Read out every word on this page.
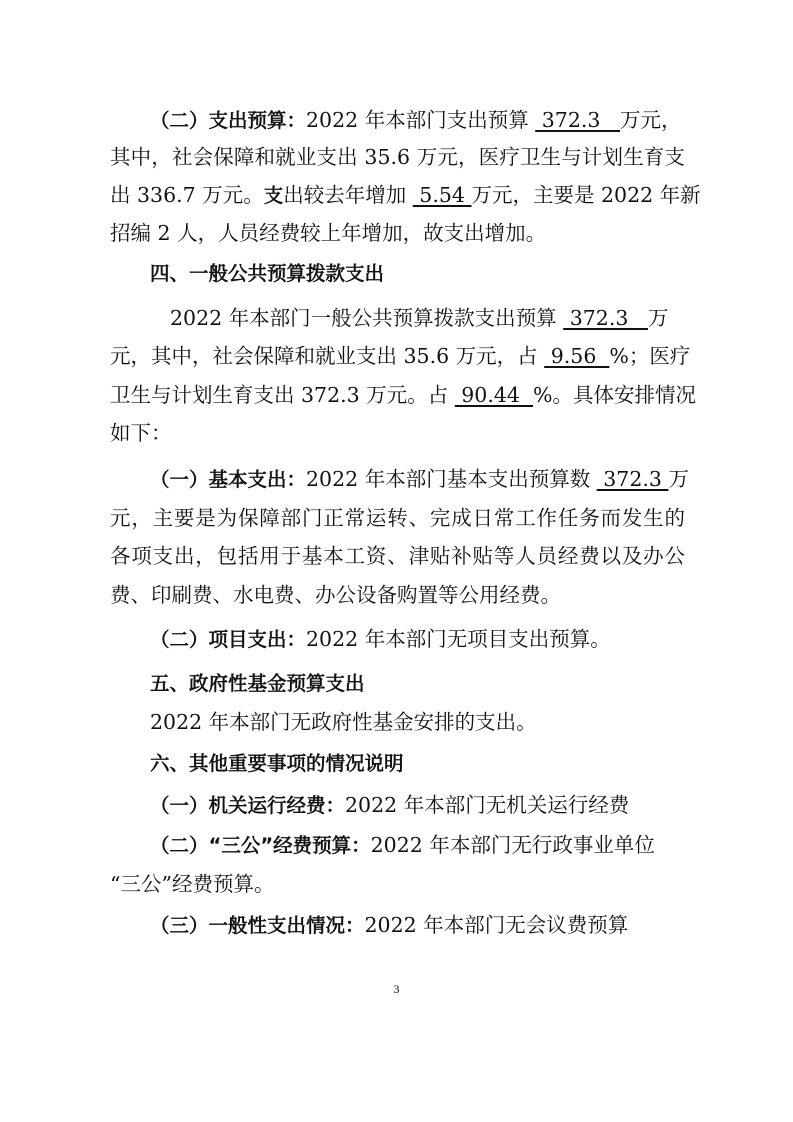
（二）支出预算：2022 年本部门支出预算  372.3   万元，
其中，社会保障和就业支出 35.6 万元，医疗卫生与计划生育支
出 336.7 万元。支出较去年增加  5.54 万元，主要是 2022 年新
招编 2 人，人员经费较上年增加，故支出增加。
四、一般公共预算拨款支出
2022 年本部门一般公共预算拨款支出预算  372.3   万
元，其中，社会保障和就业支出 35.6 万元，占  9.56  %；医疗
卫生与计划生育支出 372.3 万元。占  90.44  %。具体安排情况
如下：
（一）基本支出：2022 年本部门基本支出预算数  372.3 万
元，主要是为保障部门正常运转、完成日常工作任务而发生的
各项支出，包括用于基本工资、津贴补贴等人员经费以及办公
费、印刷费、水电费、办公设备购置等公用经费。
（二）项目支出：2022 年本部门无项目支出预算。
五、政府性基金预算支出
2022 年本部门无政府性基金安排的支出。
六、其他重要事项的情况说明
（一）机关运行经费：2022 年本部门无机关运行经费
（二）“三公”经费预算：2022 年本部门无行政事业单位
“三公”经费预算。
（三）一般性支出情况：2022 年本部门无会议费预算
3
